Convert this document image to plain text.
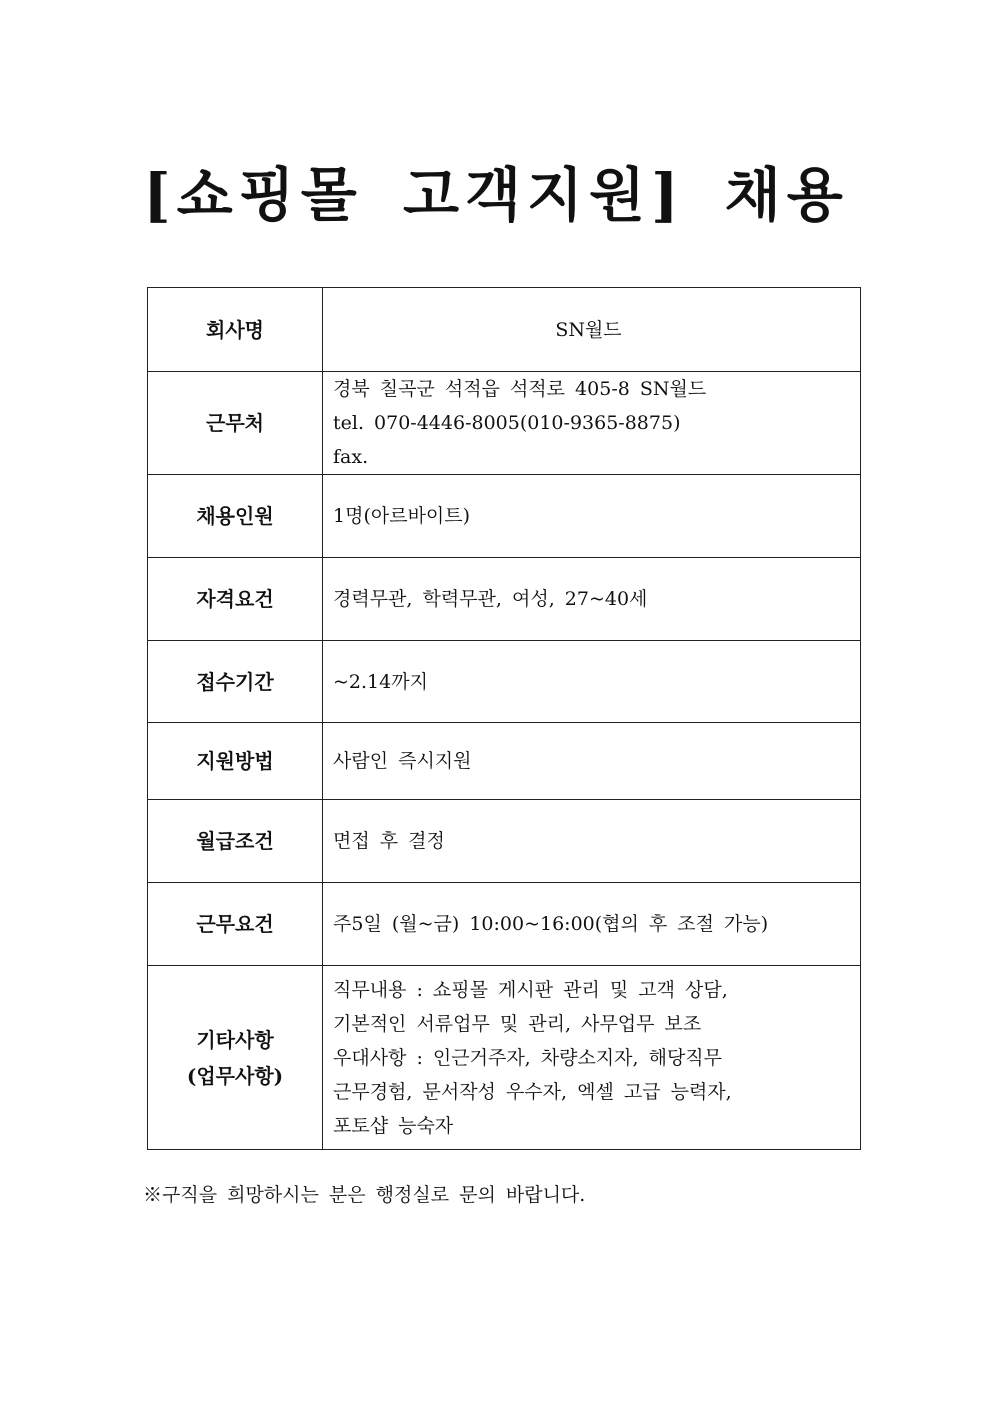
[쇼핑몰 고객지원] 채용
회사명	SN월드

근무처	경북 칠곡군 석적읍 석적로 405-8 SN월드
tel. 070-4446-8005(010-9365-8875)
fax.

채용인원	1명(아르바이트)

자격요건	경력무관, 학력무관, 여성, 27~40세

접수기간	~2.14까지

지원방법	사람인 즉시지원

월급조건	면접 후 결정

근무요건	주5일 (월~금) 10:00~16:00(협의 후 조절 가능)

기타사항
(업무사항)	직무내용 : 쇼핑몰 게시판 관리 및 고객 상담,
기본적인 서류업무 및 관리, 사무업무 보조
우대사항 : 인근거주자, 차량소지자, 해당직무
근무경험, 문서작성 우수자, 엑셀 고급 능력자,
포토샵 능숙자
※구직을 희망하시는 분은 행정실로 문의 바랍니다.
